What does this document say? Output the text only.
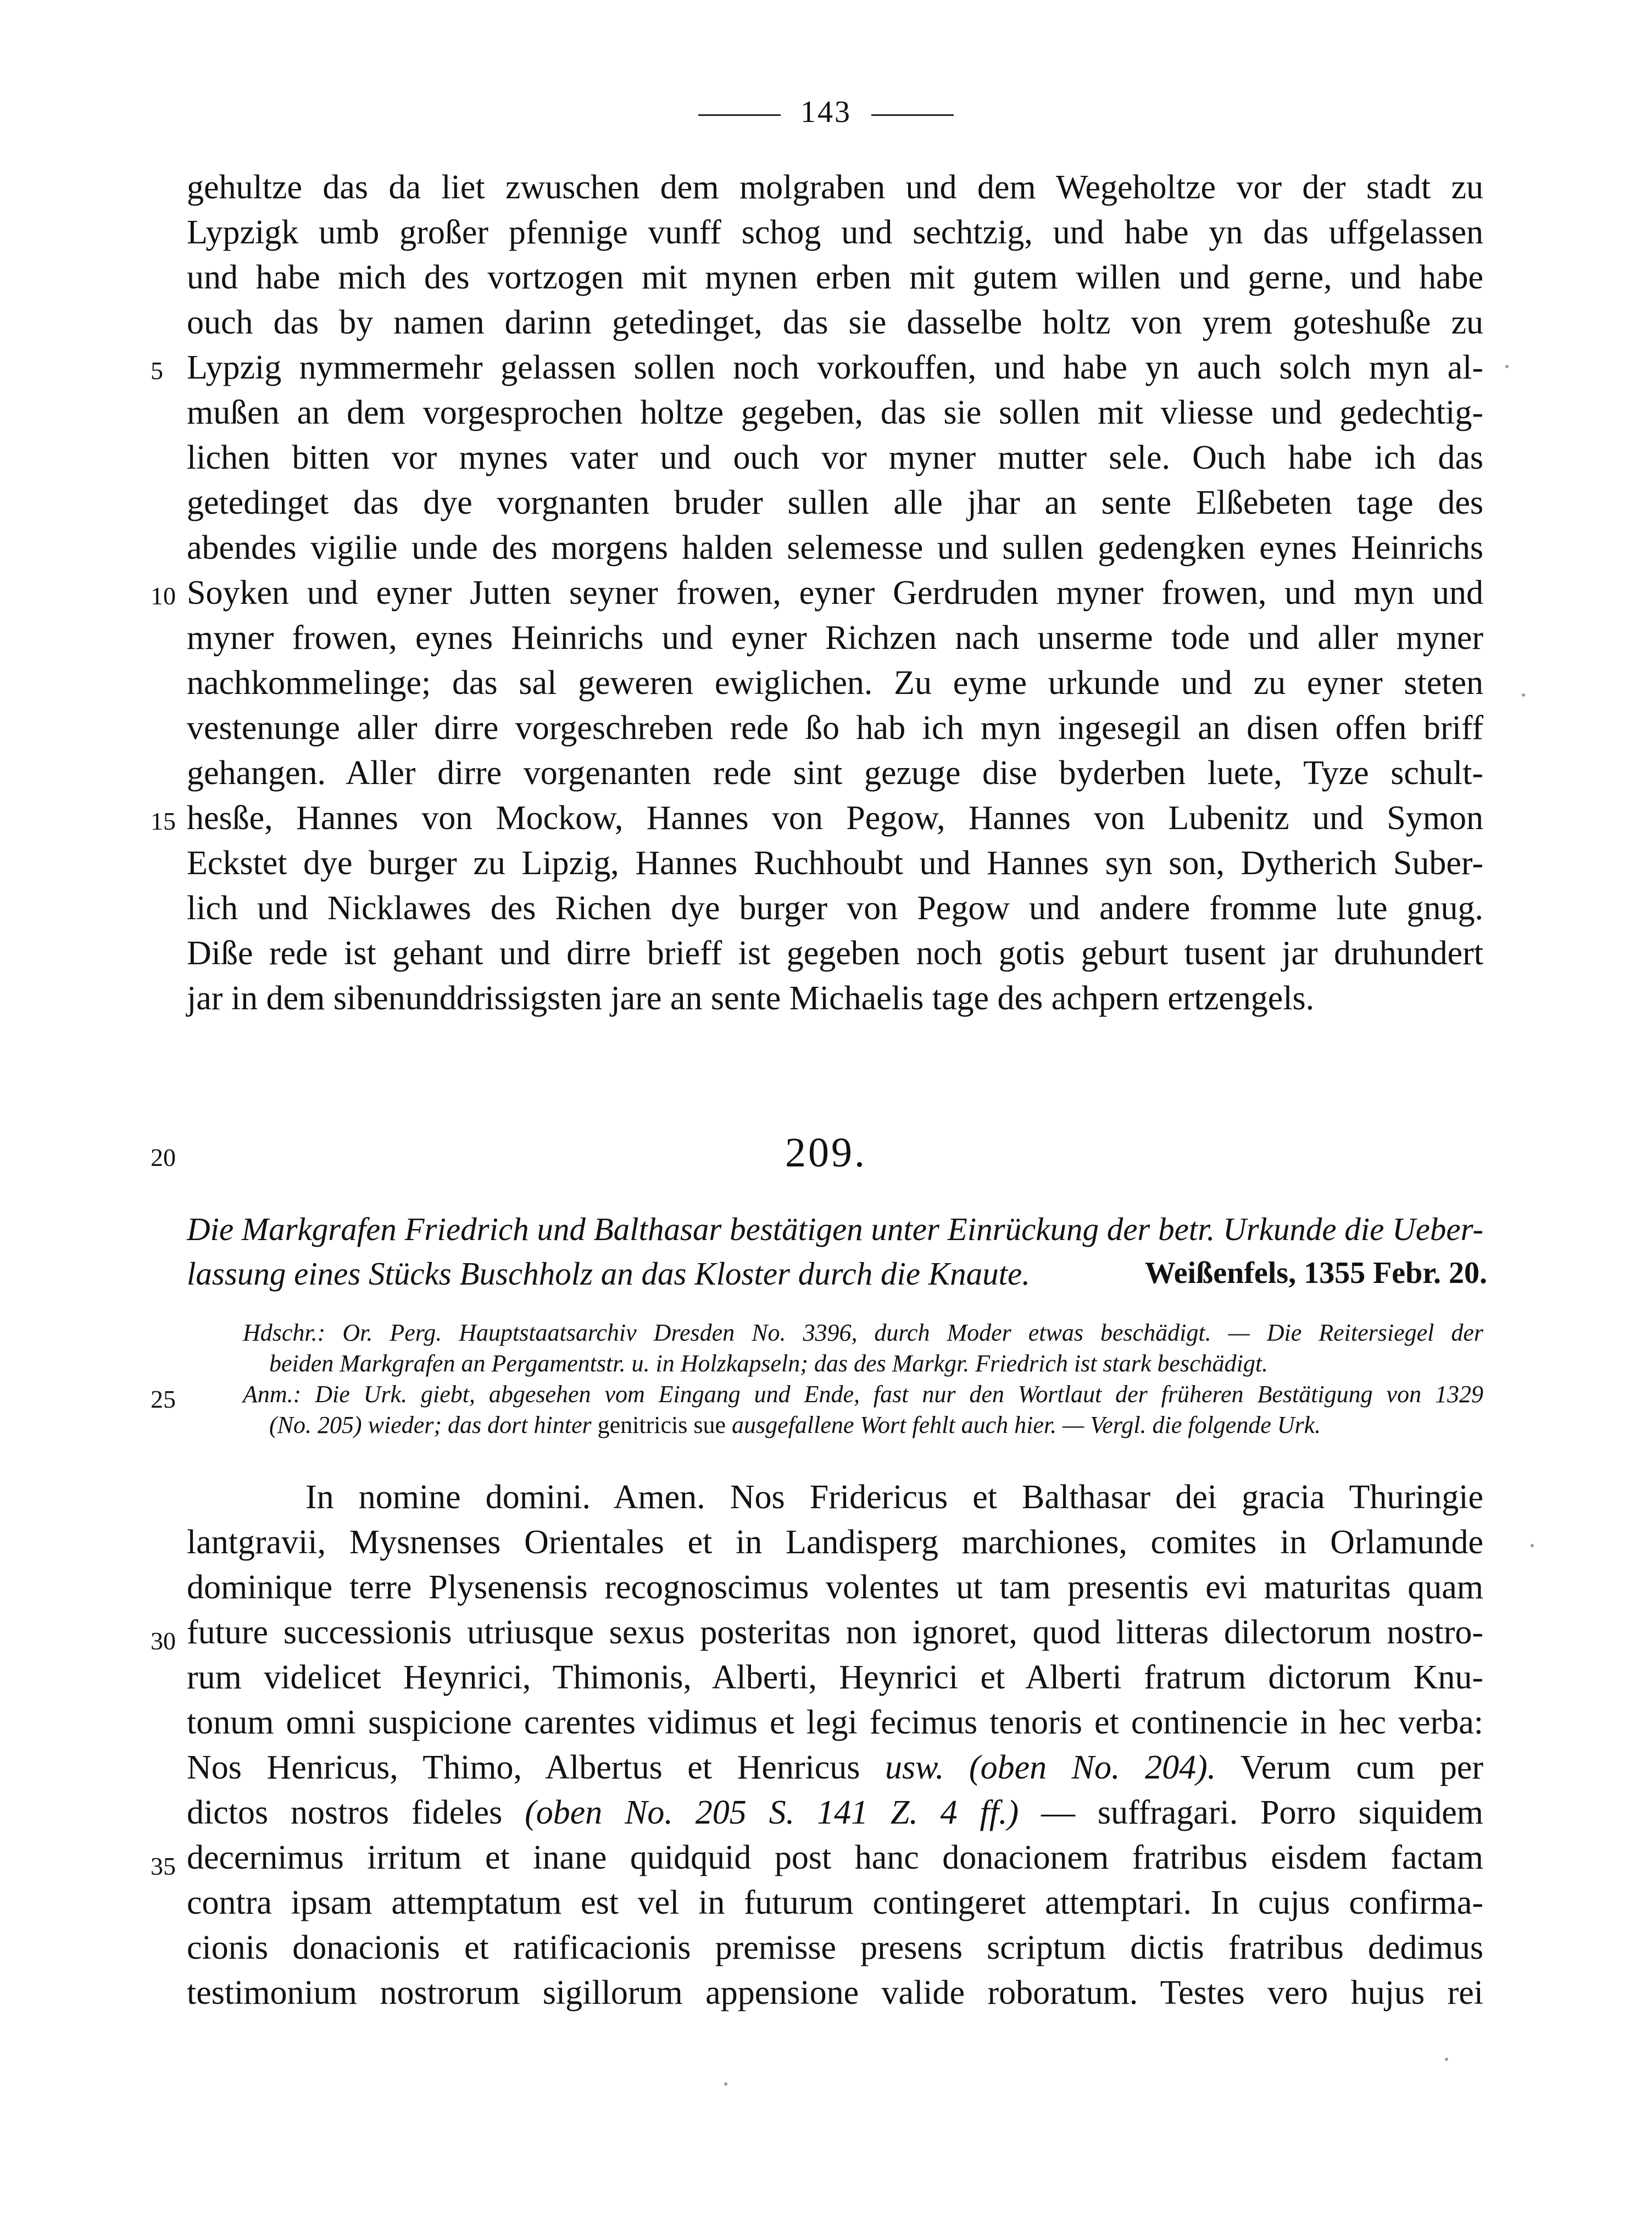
143
gehultze das da liet zwuschen dem molgraben und dem Wegeholtze vor der stadt zu
Lypzigk umb großer pfennige vunff schog und sechtzig, und habe yn das uffgelassen
und habe mich des vortzogen mit mynen erben mit gutem willen und gerne, und habe
ouch das by namen darinn getedinget, das sie dasselbe holtz von yrem goteshuße zu
Lypzig nymmermehr gelassen sollen noch vorkouffen, und habe yn auch solch myn al-
mußen an dem vorgesprochen holtze gegeben, das sie sollen mit vliesse und gedechtig-
lichen bitten vor mynes vater und ouch vor myner mutter sele. Ouch habe ich das
getedinget das dye vorgnanten bruder sullen alle jhar an sente Elßebeten tage des
abendes vigilie unde des morgens halden selemesse und sullen gedengken eynes Heinrichs
Soyken und eyner Jutten seyner frowen, eyner Gerdruden myner frowen, und myn und
myner frowen, eynes Heinrichs und eyner Richzen nach unserme tode und aller myner
nachkommelinge; das sal geweren ewiglichen. Zu eyme urkunde und zu eyner steten
vestenunge aller dirre vorgeschreben rede ßo hab ich myn ingesegil an disen offen briff
gehangen. Aller dirre vorgenanten rede sint gezuge dise byderben luete, Tyze schult-
hesße, Hannes von Mockow, Hannes von Pegow, Hannes von Lubenitz und Symon
Eckstet dye burger zu Lipzig, Hannes Ruchhoubt und Hannes syn son, Dytherich Suber-
lich und Nicklawes des Richen dye burger von Pegow und andere fromme lute gnug.
Dißе rede ist gehant und dirre brieff ist gegeben noch gotis geburt tusent jar druhundert
jar in dem sibenunddrissigsten jare an sente Michaelis tage des achpern ertzengels.
5
10
15
20
25
30
35
209.
Die Markgrafen Friedrich und Balthasar bestätigen unter Einrückung der betr. Urkunde die Ueber-
lassung eines Stücks Buschholz an das Kloster durch die Knaute.	Weißenfels, 1355 Febr. 20.
Hdschr.: Or. Perg. Hauptstaatsarchiv Dresden No. 3396, durch Moder etwas beschädigt. — Die Reitersiegel der
beiden Markgrafen an Pergamentstr. u. in Holzkapseln; das des Markgr. Friedrich ist stark beschädigt.
Anm.: Die Urk. giebt, abgesehen vom Eingang und Ende, fast nur den Wortlaut der früheren Bestätigung von 1329
(No. 205) wieder; das dort hinter genitricis sue ausgefallene Wort fehlt auch hier. — Vergl. die folgende Urk.
In nomine domini. Amen. Nos Fridericus et Balthasar dei gracia Thuringie
lantgravii, Mysnenses Orientales et in Landisperg marchiones, comites in Orlamunde
dominique terre Plysenensis recognoscimus volentes ut tam presentis evi maturitas quam
future successionis utriusque sexus posteritas non ignoret, quod litteras dilectorum nostro-
rum videlicet Heynrici, Thimonis, Alberti, Heynrici et Alberti fratrum dictorum Knu-
tonum omni suspicione carentes vidimus et legi fecimus tenoris et continencie in hec verba:
Nos Henricus, Thimo, Albertus et Henricus usw. (oben No. 204). Verum cum per
dictos nostros fideles (oben No. 205 S. 141 Z. 4 ff.) — suffragari. Porro siquidem
decernimus irritum et inane quidquid post hanc donacionem fratribus eisdem factam
contra ipsam attemptatum est vel in futurum contingeret attemptari. In cujus confirma-
cionis donacionis et ratificacionis premisse presens scriptum dictis fratribus dedimus
testimonium nostrorum sigillorum appensione valide roboratum. Testes vero hujus rei
